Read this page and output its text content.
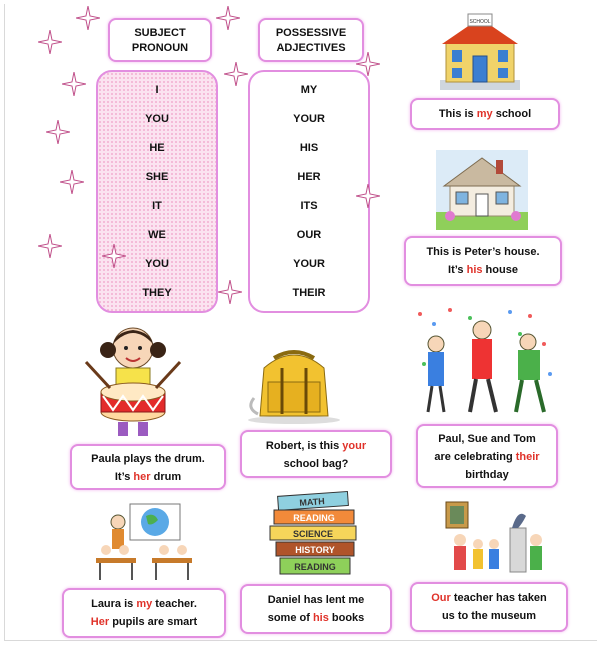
SUBJECT
PRONOUN
POSSESSIVE
ADJECTIVES
I
YOU
HE
SHE
IT
WE
YOU
THEY
MY
YOUR
HIS
HER
ITS
OUR
YOUR
THEIR
SCHOOL
MATH
READING
SCIENCE
HISTORY
READING
This is my school
This is Peter’s house.
It’s his house
Paula plays the drum.
It’s her drum
Robert, is this your
school bag?
Paul, Sue and Tom
are celebrating their
birthday
Laura is my teacher.
Her pupils are smart
Daniel has lent me
some of his books
Our teacher has taken
us to the museum
